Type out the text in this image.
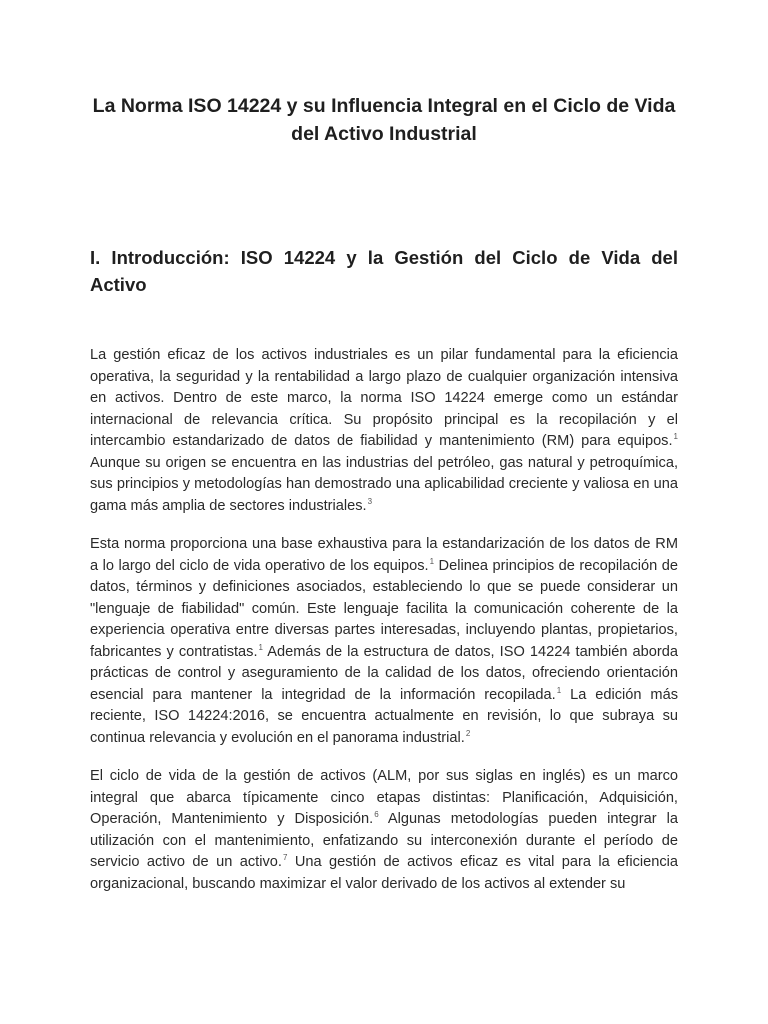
La Norma ISO 14224 y su Influencia Integral en el Ciclo de Vida del Activo Industrial
I. Introducción: ISO 14224 y la Gestión del Ciclo de Vida del Activo

La gestión eficaz de los activos industriales es un pilar fundamental para la eficiencia operativa, la seguridad y la rentabilidad a largo plazo de cualquier organización intensiva en activos. Dentro de este marco, la norma ISO 14224 emerge como un estándar internacional de relevancia crítica. Su propósito principal es la recopilación y el intercambio estandarizado de datos de fiabilidad y mantenimiento (RM) para equipos.$^1$ Aunque su origen se encuentra en las industrias del petróleo, gas natural y petroquímica, sus principios y metodologías han demostrado una aplicabilidad creciente y valiosa en una gama más amplia de sectores industriales.$^3$

Esta norma proporciona una base exhaustiva para la estandarización de los datos de RM a lo largo del ciclo de vida operativo de los equipos.$^1$ Delinea principios de recopilación de datos, términos y definiciones asociados, estableciendo lo que se puede considerar un "lenguaje de fiabilidad" común. Este lenguaje facilita la comunicación coherente de la experiencia operativa entre diversas partes interesadas, incluyendo plantas, propietarios, fabricantes y contratistas.$^1$ Además de la estructura de datos, ISO 14224 también aborda prácticas de control y aseguramiento de la calidad de los datos, ofreciendo orientación esencial para mantener la integridad de la información recopilada.$^1$ La edición más reciente, ISO 14224:2016, se encuentra actualmente en revisión, lo que subraya su continua relevancia y evolución en el panorama industrial.$^2$

El ciclo de vida de la gestión de activos (ALM, por sus siglas en inglés) es un marco integral que abarca típicamente cinco etapas distintas: Planificación, Adquisición, Operación, Mantenimiento y Disposición.$^6$ Algunas metodologías pueden integrar la utilización con el mantenimiento, enfatizando su interconexión durante el período de servicio activo de un activo.$^7$ Una gestión de activos eficaz es vital para la eficiencia organizacional, buscando maximizar el valor derivado de los activos al extender su
